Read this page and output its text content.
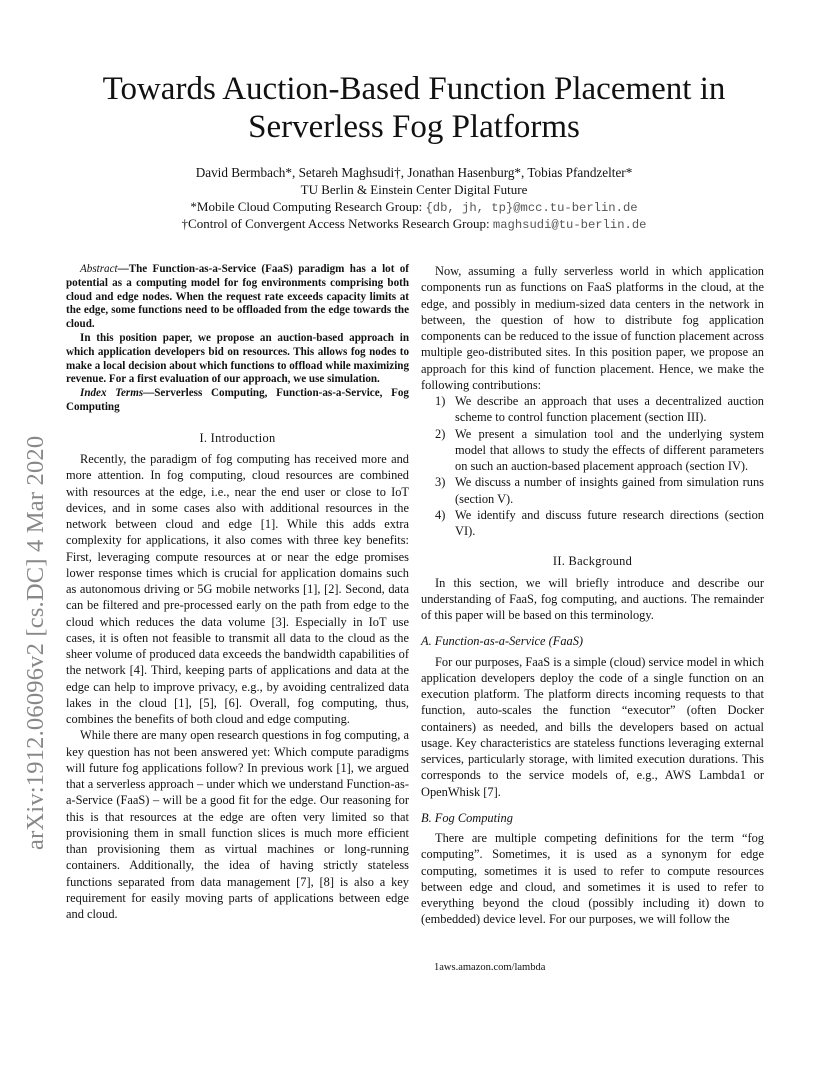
arXiv:1912.06096v2 [cs.DC] 4 Mar 2020
Towards Auction-Based Function Placement in
Serverless Fog Platforms
David Bermbach*, Setareh Maghsudi†, Jonathan Hasenburg*, Tobias Pfandzelter*
TU Berlin & Einstein Center Digital Future
*Mobile Cloud Computing Research Group: {db, jh, tp}@mcc.tu-berlin.de
†Control of Convergent Access Networks Research Group: maghsudi@tu-berlin.de

Abstract—The Function-as-a-Service (FaaS) paradigm has a lot of potential as a computing model for fog environments comprising both cloud and edge nodes. When the request rate exceeds capacity limits at the edge, some functions need to be offloaded from the edge towards the cloud.

In this position paper, we propose an auction-based approach in which application developers bid on resources. This allows fog nodes to make a local decision about which functions to offload while maximizing revenue. For a first evaluation of our approach, we use simulation.

Index Terms—Serverless Computing, Function-as-a-Service, Fog Computing

I. Introduction

Recently, the paradigm of fog computing has received more and more attention. In fog computing, cloud resources are combined with resources at the edge, i.e., near the end user or close to IoT devices, and in some cases also with additional resources in the network between cloud and edge [1]. While this adds extra complexity for applications, it also comes with three key benefits: First, leveraging compute resources at or near the edge promises lower response times which is crucial for application domains such as autonomous driving or 5G mobile networks [1], [2]. Second, data can be filtered and pre-processed early on the path from edge to the cloud which reduces the data volume [3]. Especially in IoT use cases, it is often not feasible to transmit all data to the cloud as the sheer volume of produced data exceeds the bandwidth capabilities of the network [4]. Third, keeping parts of applications and data at the edge can help to improve privacy, e.g., by avoiding centralized data lakes in the cloud [1], [5], [6]. Overall, fog computing, thus, combines the benefits of both cloud and edge computing.

While there are many open research questions in fog computing, a key question has not been answered yet: Which compute paradigms will future fog applications follow? In previous work [1], we argued that a serverless approach – under which we understand Function-as-a-Service (FaaS) – will be a good fit for the edge. Our reasoning for this is that resources at the edge are often very limited so that provisioning them in small function slices is much more efficient than provisioning them as virtual machines or long-running containers. Additionally, the idea of having strictly stateless functions separated from data management [7], [8] is also a key requirement for easily moving parts of applications between edge and cloud.

Now, assuming a fully serverless world in which application components run as functions on FaaS platforms in the cloud, at the edge, and possibly in medium-sized data centers in the network in between, the question of how to distribute fog application components can be reduced to the issue of function placement across multiple geo-distributed sites. In this position paper, we propose an approach for this kind of function placement. Hence, we make the following contributions:

1) We describe an approach that uses a decentralized auction scheme to control function placement (section III).
2) We present a simulation tool and the underlying system model that allows to study the effects of different parameters on such an auction-based placement approach (section IV).
3) We discuss a number of insights gained from simulation runs (section V).
4) We identify and discuss future research directions (section VI).
II. Background

In this section, we will briefly introduce and describe our understanding of FaaS, fog computing, and auctions. The remainder of this paper will be based on this terminology.

A. Function-as-a-Service (FaaS)

For our purposes, FaaS is a simple (cloud) service model in which application developers deploy the code of a single function on an execution platform. The platform directs incoming requests to that function, auto-scales the function “executor” (often Docker containers) as needed, and bills the developers based on actual usage. Key characteristics are stateless functions leveraging external services, particularly storage, with limited execution durations. This corresponds to the service models of, e.g., AWS Lambda1 or OpenWhisk [7].

B. Fog Computing

There are multiple competing definitions for the term “fog computing”. Sometimes, it is used as a synonym for edge computing, sometimes it is used to refer to compute resources between edge and cloud, and sometimes it is used to refer to everything beyond the cloud (possibly including it) down to (embedded) device level. For our purposes, we will follow the

1aws.amazon.com/lambda
